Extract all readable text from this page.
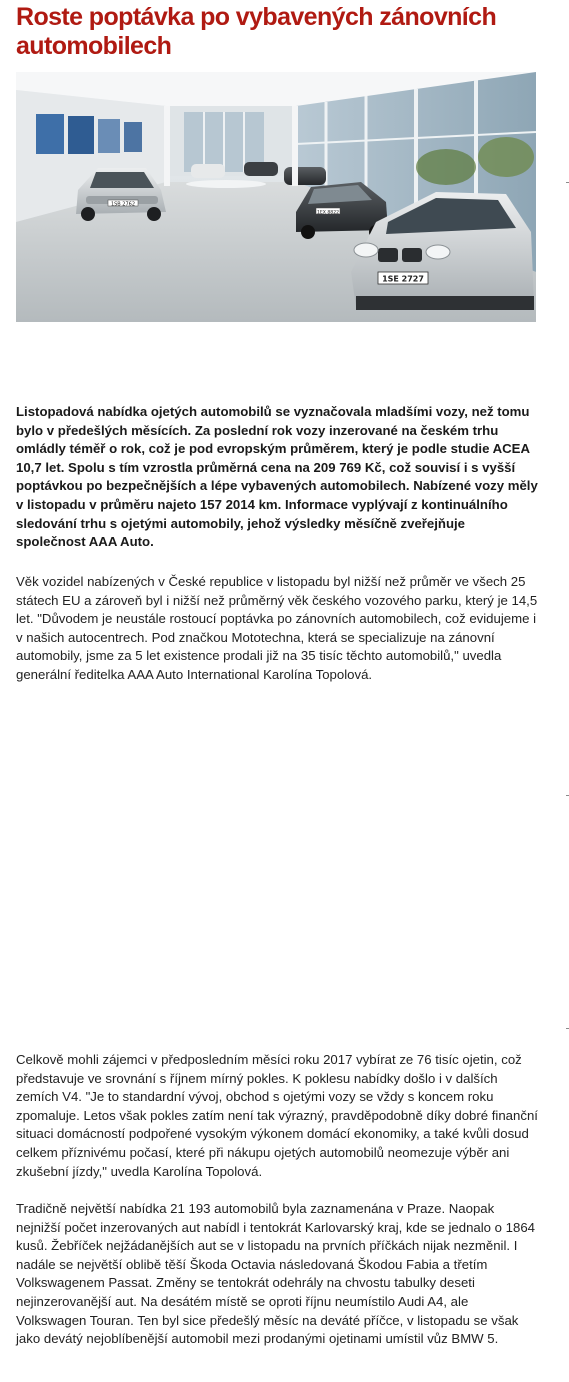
Roste poptávka po vybavených zánovních automobilech
1SB 2762
1EX 8822
1SE 2727

Listopadová nabídka ojetých automobilů se vyznačovala mladšími vozy, než tomu bylo v předešlých měsících. Za poslední rok vozy inzerované na českém trhu omládly téměř o rok, což je pod evropským průměrem, který je podle studie ACEA 10,7 let. Spolu s tím vzrostla průměrná cena na 209 769 Kč, což souvisí i s vyšší poptávkou po bezpečnějších a lépe vybavených automobilech. Nabízené vozy měly v listopadu v průměru najeto 157 2014 km. Informace vyplývají z kontinuálního sledování trhu s ojetými automobily, jehož výsledky měsíčně zveřejňuje společnost AAA Auto.

Věk vozidel nabízených v České republice v listopadu byl nižší než průměr ve všech 25 státech EU a zároveň byl i nižší než průměrný věk českého vozového parku, který je 14,5 let. "Důvodem je neustále rostoucí poptávka po zánovních automobilech, což evidujeme i v našich autocentrech. Pod značkou Mototechna, která se specializuje na zánovní automobily, jsme za 5 let existence prodali již na 35 tisíc těchto automobilů," uvedla generální ředitelka AAA Auto International Karolína Topolová.

Celkově mohli zájemci v předposledním měsíci roku 2017 vybírat ze 76 tisíc ojetin, což představuje ve srovnání s říjnem mírný pokles. K poklesu nabídky došlo i v dalších zemích V4. "Je to standardní vývoj, obchod s ojetými vozy se vždy s koncem roku zpomaluje. Letos však pokles zatím není tak výrazný, pravděpodobně díky dobré finanční situaci domácností podpořené vysokým výkonem domácí ekonomiky, a také kvůli dosud celkem příznivému počasí, které při nákupu ojetých automobilů neomezuje výběr ani zkušební jízdy," uvedla Karolína Topolová.

Tradičně největší nabídka 21 193 automobilů byla zaznamenána v Praze. Naopak nejnižší počet inzerovaných aut nabídl i tentokrát Karlovarský kraj, kde se jednalo o 1864 kusů. Žebříček nejžádanějších aut se v listopadu na prvních příčkách nijak nezměnil. I nadále se největší oblibě těší Škoda Octavia následovaná Škodou Fabia a třetím Volkswagenem Passat. Změny se tentokrát odehrály na chvostu tabulky deseti nejinzerovanější aut. Na desátém místě se oproti říjnu neumístilo Audi A4, ale Volkswagen Touran. Ten byl sice předešlý měsíc na deváté příčce, v listopadu se však jako devátý nejoblíbenější automobil mezi prodanými ojetinami umístil vůz BMW 5.
